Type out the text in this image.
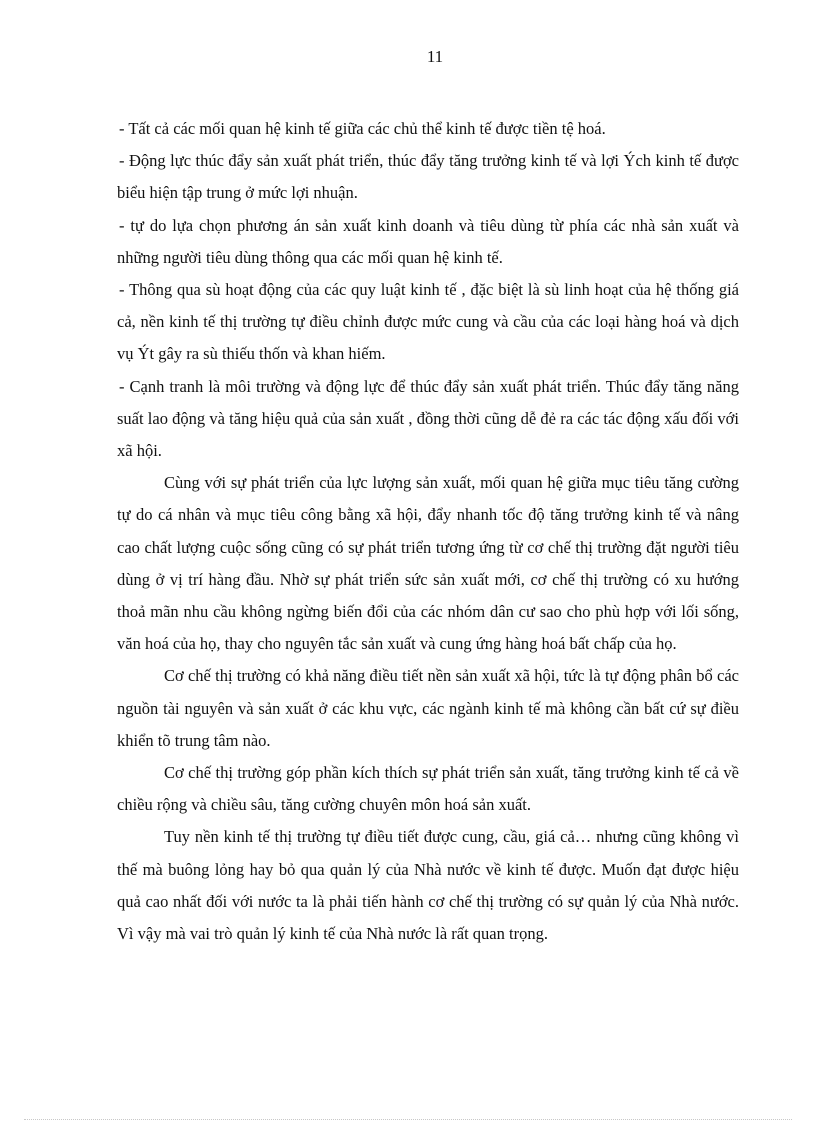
11

- Tất cả các mối quan hệ kinh tế giữa các chủ thể kinh tế được tiền tệ hoá.

- Động lực thúc đẩy sản xuất phát triển, thúc đẩy tăng trưởng kinh tế và lợi Ých kinh tế được biểu hiện tập trung ở mức lợi nhuận.

- tự do lựa chọn phương án sản xuất kinh doanh và tiêu dùng từ phía các nhà sản xuất và những người tiêu dùng thông qua các mối quan hệ kinh tế.

- Thông qua sù hoạt động của các quy luật kinh tế , đặc biệt là sù linh hoạt của hệ thống giá cả, nền kinh tế thị trường tự điều chỉnh được mức cung và cầu của các loại hàng hoá và dịch vụ Ýt gây ra sù thiếu thốn và khan hiếm.

- Cạnh tranh là môi trường và động lực để thúc đẩy sản xuất phát triển. Thúc đẩy tăng năng suất lao động và tăng hiệu quả của sản xuất , đồng thời cũng dễ đẻ ra các tác động xấu đối với xã hội.

Cùng với sự phát triển của lực lượng sản xuất, mối quan hệ giữa mục tiêu tăng cường tự do cá nhân và mục tiêu công bằng xã hội, đẩy nhanh tốc độ tăng trưởng kinh tế và nâng cao chất lượng cuộc sống cũng có sự phát triển tương ứng từ cơ chế thị trường đặt người tiêu dùng ở vị trí hàng đầu. Nhờ sự phát triển sức sản xuất mới, cơ chế thị trường có xu hướng thoả mãn nhu cầu không ngừng biến đổi của các nhóm dân cư sao cho phù hợp với lối sống, văn hoá của họ, thay cho nguyên tắc sản xuất và cung ứng hàng hoá bất chấp của họ.

Cơ chế thị trường có khả năng điều tiết nền sản xuất xã hội, tức là tự động phân bổ các nguồn tài nguyên và sản xuất ở các khu vực, các ngành kinh tế mà không cần bất cứ sự điều khiển tõ trung tâm nào.

Cơ chế thị trường góp phần kích thích sự phát triển sản xuất, tăng trưởng kinh tế cả về chiều rộng và chiều sâu, tăng cường chuyên môn hoá sản xuất.

Tuy nền kinh tế thị trường tự điều tiết được cung, cầu, giá cả… nhưng cũng không vì thế mà buông lỏng hay bỏ qua quản lý của Nhà nước về kinh tế được. Muốn đạt được hiệu quả cao nhất đối với nước ta là phải tiến hành cơ chế thị trường có sự quản lý của Nhà nước. Vì vậy mà vai trò quản lý kinh tế của Nhà nước là rất quan trọng.
